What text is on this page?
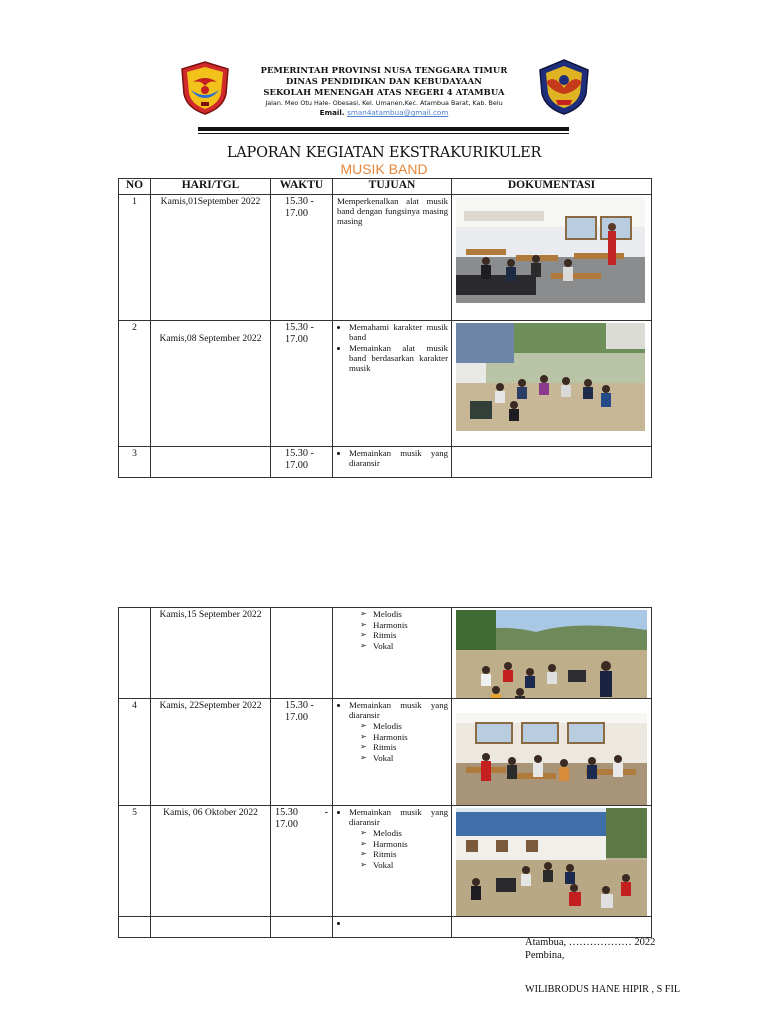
PEMERINTAH PROVINSI NUSA TENGGARA TIMUR
DINAS PENDIDIKAN DAN KEBUDAYAAN
SEKOLAH MENENGAH ATAS NEGERI 4 ATAMBUA
Jalan. Meo Otu Hale- Obesasi, Kel. Umanen,Kec. Atambua Barat, Kab. Belu
Email. sman4atambua@gmail.com
LAPORAN KEGIATAN EKSTRAKURIKULER
MUSIK BAND
NO	HARI/TGL	WAKTU	TUJUAN	DOKUMENTASI
1	Kamis,01September 2022	15.30 - 17.00
Memperkenalkan alat musik band dengan fungsinya masing masing
2
Kamis,08 September 2022
15.30 - 17.00
• Memahami karakter musik band
• Memainkan alat musik band berdasarkan karakter musik
3	15.30 - 17.00
• Memainkan musik yang diaransir
Kamis,15 September 2022
➢	Melodis
➢ Harmonis
➢ Ritmis
➢ Vokal
4	Kamis, 22September 2022	15.30 - 17.00
• Memainkan musik yang diaransir
➢ Melodis
➢ Harmonis
➢ Ritmis
➢ Vokal
5	Kamis, 06 Oktober 2022	15.30	-
17.00
• Memainkan musik yang diaransir
➢ Melodis
➢ Harmonis
➢ Ritmis
➢ Vokal
•
Atambua, ……………… 2022
Pembina,
WILIBRODUS HANE HIPIR , S FIL
